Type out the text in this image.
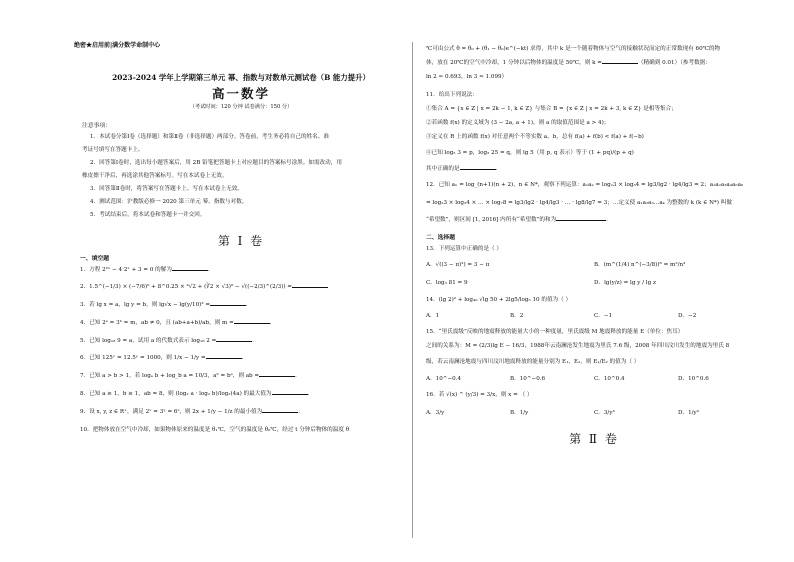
绝密★启用前|满分数学命制中心
2023-2024 学年上学期第三单元 幂、指数与对数单元测试卷（B 能力提升）
高一数学
（考试时间：120 分钟 试卷满分：150 分）
注意事项：
1．本试卷分第Ⅰ卷（选择题）和第Ⅱ卷（非选择题）两部分。答卷前，考生务必将自己的姓名、准
考证号填写在答题卡上。
2．回答第Ⅰ卷时，选出每小题答案后，用 2B 铅笔把答题卡上对应题目的答案标号涂黑。如需改动，用
橡皮擦干净后，再选涂其他答案标号。写在本试卷上无效。
3．回答第Ⅱ卷时，将答案写在答题卡上。写在本试卷上无效。
4．测试范围：沪教版必修一 2020 第三单元 幂、指数与对数。
5．考试结束后，将本试卷和答题卡一并交回。
第 Ⅰ 卷
一、填空题
1．方程 2²ˣ − 4·2ˣ + 3 = 0 的解为	．
2．1.5^(−1/3) × (−7/6)⁰ + 8^0.25 × ⁴√2 + (∛2 × √3)⁶ − √((−2/3)^(2/3)) =
3．若 lg x = a，lg y = b，则 lg√x − lg(y/10)³ =	．
4．已知 2ᵃ = 3ᵇ = m，ab ≠ 0，且 (ab+a+b)/ab，则 m =	．
5．已知 log₁₈ 9 = a，试用 a 的代数式表示 log₁₈ 2 =	．
6．已知 125ˣ = 12.5ʸ = 1000，则 1/x − 1/y =	．
7．已知 a > b > 1，若 logₐ b + log_b a = 10/3，aᵇ = bᵃ，则 ab =	．
8．已知 a ≥ 1，b ≥ 1，ab = 8，则 (log₂ a · log₂ b)/log₂(4a) 的最大值为	．
9．设 x, y, z ∈ R⁺，满足 2ˣ = 3ʸ = 6ᶻ，则 2x + 1/y − 1/z 的最小值为	．
10．把物体放在空气中冷却，如果物体原来的温度是 θ₁℃，空气的温度是 θ₀℃，经过 t 分钟后物体的温度 θ
℃可由公式 θ = θ₀ + (θ₁ − θ₀)e^(−kt) 求得，其中 k 是一个随着物体与空气的接触状况而定的正常数现有 60℃的物
体，放在 20℃的空气中冷却，1 分钟以后物体的温度是 50℃，则 k =	（精确到 0.01）（参考数据：
ln 2 ≈ 0.693，ln 3 ≈ 1.099）
11．给出下列说法：
①集合 A = {x ∈ Z | x = 2k − 1, k ∈ Z} 与集合 B = {x ∈ Z | x = 2k + 3, k ∈ Z} 是相等集合；
②若函数 f(x) 的定义域为 (3 − 2a, a + 1)，则 a 的取值范围是 a > 4)；
③定义在 R 上的函数 f(x) 对任意两个不等实数 a、b，总有 f(a) + f(b) < f(a) + f(−b)
④已知 log₃ 3 = p，log₃ 25 = q，则 lg 5（用 p, q 表示）等于 (1 + pq)/(p + q)
其中正确的是	．
12．已知 aₙ = log_(n+1)(n + 2)，n ∈ N*，观察下列运算：a₁a₂ = log₂3 × log₃4 = lg3/lg2 · lg4/lg3 = 2；a₁a₂a₃a₄a₅a₆
= log₂3 × log₃4 × … × log₇8 = lg3/lg2 · lg4/lg3 · … · lg8/lg7 = 3；…定义使 a₁a₂a₃…aₖ 为整数的 k (k ∈ N*) 叫做
“希望数”，则区间 [1, 2016] 内所有“希望数”的和为	．
二、选择题
13．下列运算中正确的是（ ）
A．√((3 − π)²) = 3 − π	B．(m^(1/4) n^(−3/8))⁸ = m²/n³
C．log₃ 81 = 9	D．lg(y/z) = lg y / lg z
14．(lg 2)² + log₄₀ √lg 50 + 2lg5/log₅ 10 的值为（ ）
A．1	B．2	C．−1	D．−2
15．“里氏震级”反映的地震释放的能量大小的一种度量，里氏震级 M 地震释放的能量 E（单位：焦耳）
之间的关系为：M = (2/3)lg E − 16/3，1988年云南澜沧发生地震为里氏 7.6 级，2008 年四川汶川发生的地震为里氏 8
级，若云南澜沧地震与四川汶川地震释放的能量分别为 E₁，E₂，则 E₁/E₂ 的值为（ ）
A．10^−0.4	B．10^−0.6	C．10^0.4	D．10^0.6
16．若 √(x) ^ (y/3) = 3/x，则 x = （ ）
A．3/y	B．1/y	C．3/y³	D．1/y³
第 Ⅱ 卷
